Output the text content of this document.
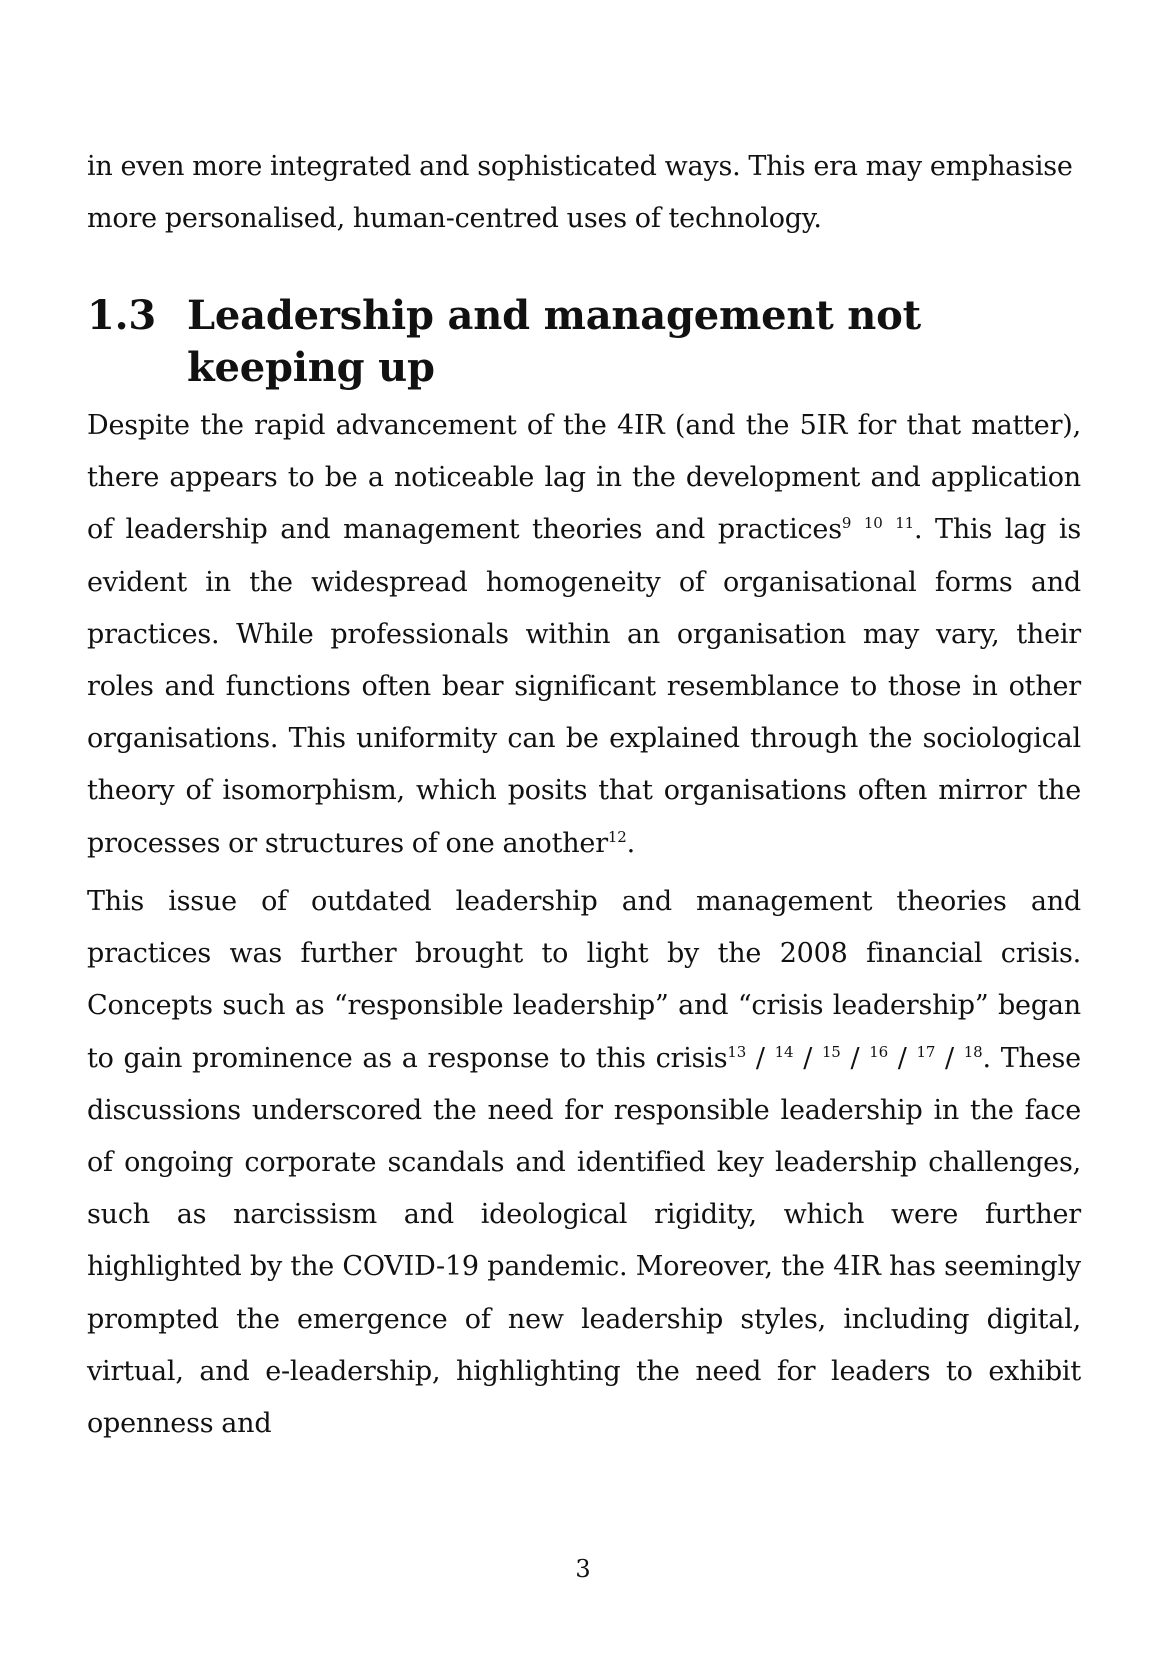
in even more integrated and sophisticated ways. This era may emphasise more personalised, human-centred uses of technology.

1.3 Leadership and management not keeping up

Despite the rapid advancement of the 4IR (and the 5IR for that matter), there appears to be a noticeable lag in the development and application of leadership and management theories and practices$^9$ $^{10}$ $^{11}$. This lag is evident in the widespread homogeneity of organisational forms and practices. While professionals within an organisation may vary, their roles and functions often bear significant resemblance to those in other organisations. This uniformity can be explained through the sociological theory of isomorphism, which posits that organisations often mirror the processes or structures of one another$^{12}$.

This issue of outdated leadership and management theories and practices was further brought to light by the 2008 financial crisis. Concepts such as “responsible leadership” and “crisis leadership” began to gain prominence as a response to this crisis$^{13}$ / $^{14}$ / $^{15}$ / $^{16}$ / $^{17}$ / $^{18}$. These discussions underscored the need for responsible leadership in the face of ongoing corporate scandals and identified key leadership challenges, such as narcissism and ideological rigidity, which were further highlighted by the COVID-19 pandemic. Moreover, the 4IR has seemingly prompted the emergence of new leadership styles, including digital, virtual, and e-leadership, highlighting the need for leaders to exhibit openness and

3
